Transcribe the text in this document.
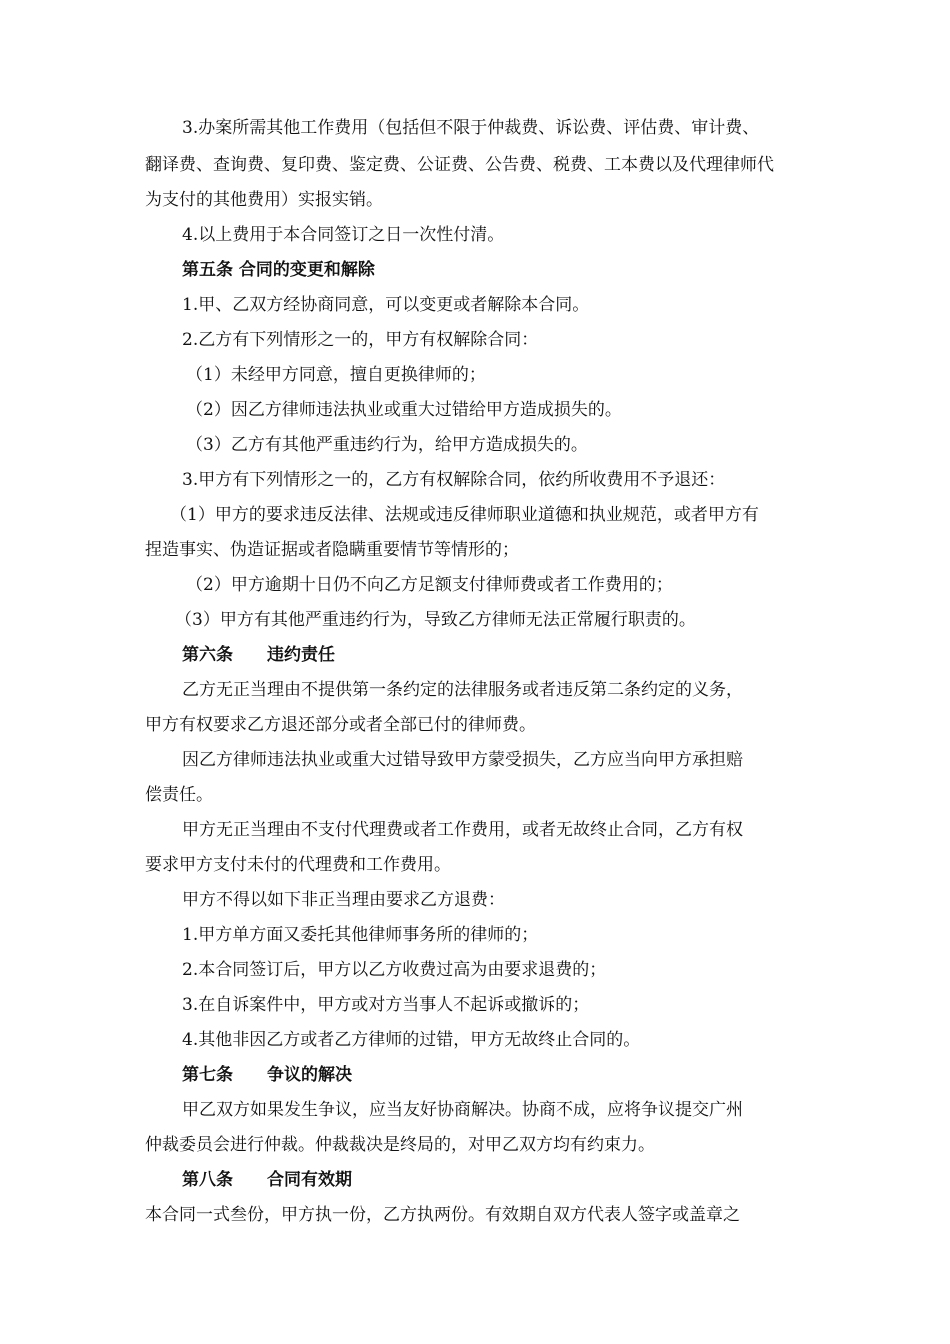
3.办案所需其他工作费用（包括但不限于仲裁费、诉讼费、评估费、审计费、
翻译费、查询费、复印费、鉴定费、公证费、公告费、税费、工本费以及代理律师代
为支付的其他费用）实报实销。
4.以上费用于本合同签订之日一次性付清。
第五条 合同的变更和解除
1.甲、乙双方经协商同意，可以变更或者解除本合同。
2.乙方有下列情形之一的，甲方有权解除合同：
（1）未经甲方同意，擅自更换律师的；
（2）因乙方律师违法执业或重大过错给甲方造成损失的。
（3）乙方有其他严重违约行为，给甲方造成损失的。
3.甲方有下列情形之一的，乙方有权解除合同，依约所收费用不予退还：
（1）甲方的要求违反法律、法规或违反律师职业道德和执业规范，或者甲方有
捏造事实、伪造证据或者隐瞒重要情节等情形的；
（2）甲方逾期十日仍不向乙方足额支付律师费或者工作费用的；
（3）甲方有其他严重违约行为，导致乙方律师无法正常履行职责的。
第六条 违约责任
乙方无正当理由不提供第一条约定的法律服务或者违反第二条约定的义务，
甲方有权要求乙方退还部分或者全部已付的律师费。
因乙方律师违法执业或重大过错导致甲方蒙受损失，乙方应当向甲方承担赔
偿责任。
甲方无正当理由不支付代理费或者工作费用，或者无故终止合同，乙方有权
要求甲方支付未付的代理费和工作费用。
甲方不得以如下非正当理由要求乙方退费：
1.甲方单方面又委托其他律师事务所的律师的；
2.本合同签订后，甲方以乙方收费过高为由要求退费的；
3.在自诉案件中，甲方或对方当事人不起诉或撤诉的；
4.其他非因乙方或者乙方律师的过错，甲方无故终止合同的。
第七条 争议的解决
甲乙双方如果发生争议，应当友好协商解决。协商不成，应将争议提交广州
仲裁委员会进行仲裁。仲裁裁决是终局的，对甲乙双方均有约束力。
第八条 合同有效期
本合同一式叁份，甲方执一份，乙方执两份。有效期自双方代表人签字或盖章之
